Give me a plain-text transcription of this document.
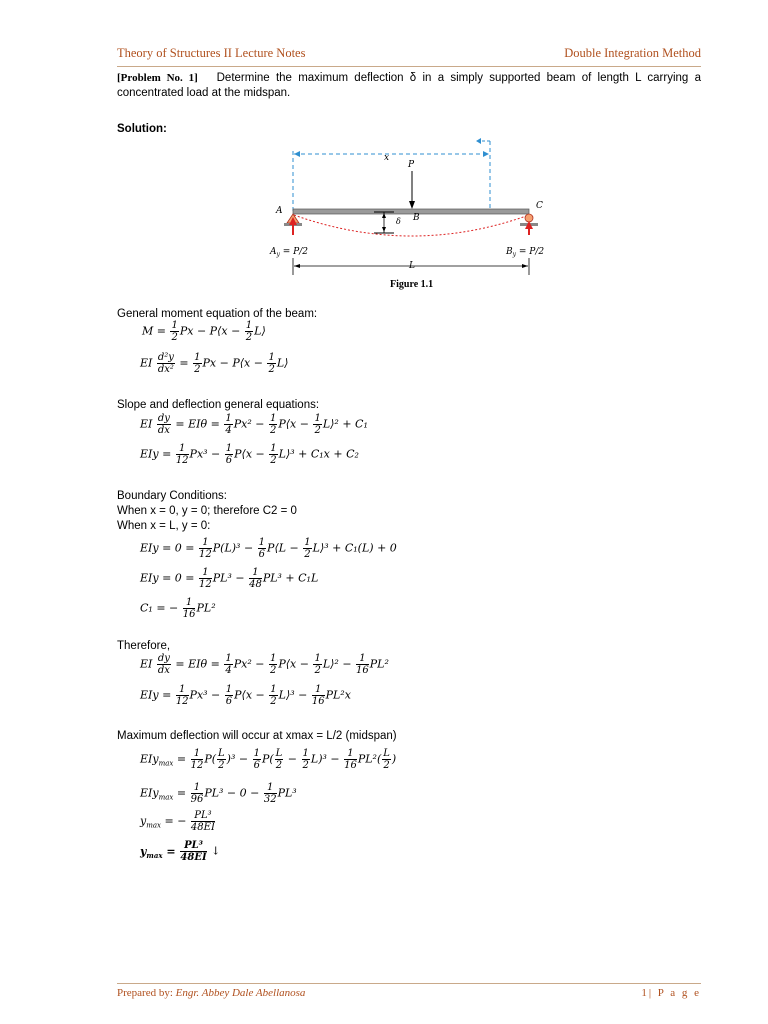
Theory of Structures II Lecture Notes	Double Integration Method
[Problem No. 1] Determine the maximum deflection δ in a simply supported beam of length L carrying a concentrated load at the midspan.
Solution:
x
P
A	C
δ B
$A_y = P/2$	$B_y = P/2$
L
Figure 1.1
General moment equation of the beam:
$M = \frac{1}{2}$ Px − P⟨x − $\frac{1}{2}$ L⟩
EI $\frac{\text{d²y}}{\text{dx²}} = \frac{1}{2}$ Px − P⟨x − $\frac{1}{2}$ L⟩
Slope and deflection general equations:
EI $\frac{dy}{dx} = EI\theta = \frac{1}{4} Px^2 - \frac{1}{2}$ P⟨x − $\frac{1}{2}$ L⟩² + C₁
EIy = $\frac{1}{12} Px^3 - \frac{1}{6}$ P⟨x − $\frac{1}{2}$ L⟩³ + C₁x + C₂
Boundary Conditions:
When x = 0, y = 0; therefore C2 = 0
When x = L, y = 0:
EIy = $0 = \frac{1}{12} P(L)^3 - \frac{1}{6}$ P⟨L − $\frac{1}{2}$ L⟩³ + C₁(L) + 0
EIy = $0 = \frac{1}{12} PL^3 - \frac{1}{48} PL^3 + C_1L$
C₁ = − $\frac{1}{16} PL^2$
Therefore,
EI $\frac{dy}{dx} = EI\theta = \frac{1}{4} Px^2 - \frac{1}{2}$ P⟨x − $\frac{1}{2}$ L⟩² − $\frac{1}{16} PL^2$
EIy = $\frac{1}{12} Px^3 - \frac{1}{6}$ P⟨x − $\frac{1}{2}$ L⟩³ − $\frac{1}{16} PL^2x$
Maximum deflection will occur at xmax = L/2 (midspan)
$EIy_{max} = \frac{1}{12} P( \frac{L}{2} )^3 - \frac{1}{6} P( \frac{L}{2} - \frac{1}{2} L)^3 - \frac{1}{16} PL^2( \frac{L}{2}$ )
$EIy_{max} = \frac{1}{96} PL^3 - 0 - \frac{1}{32} PL^3$
$y_{max}$ = − $\frac{\text{PL³}}{48EI}$
$y_{max} = \frac{\text{PL³}}{48EI}$ ↓
Prepared by: Engr. Abbey Dale Abellanosa	1| P a g e
